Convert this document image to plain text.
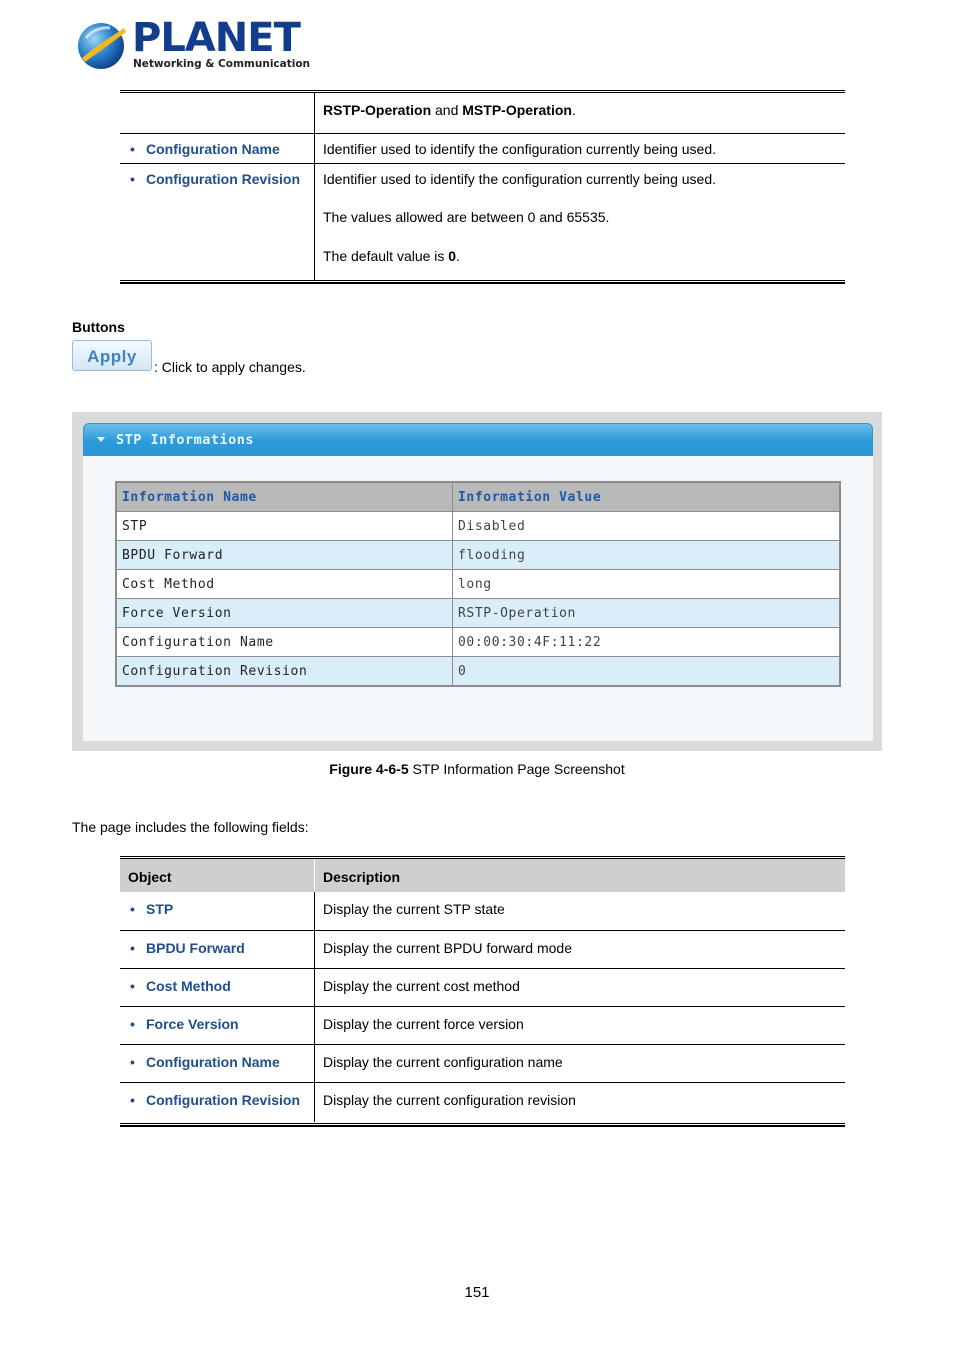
PLANET
Networking & Communication
	RSTP-Operation and MSTP-Operation.
• Configuration Name	Identifier used to identify the configuration currently being used.
• Configuration Revision	Identifier used to identify the configuration currently being used.
The values allowed are between 0 and 65535.
The default value is 0.
Buttons
Apply
: Click to apply changes.
STP Informations
Information Name	Information Value
STP	Disabled
BPDU Forward	flooding
Cost Method	long
Force Version	RSTP-Operation
Configuration Name	00:00:30:4F:11:22
Configuration Revision	0
Figure 4-6-5 STP Information Page Screenshot
The page includes the following fields:
Object	Description
• STP	Display the current STP state
• BPDU Forward	Display the current BPDU forward mode
• Cost Method	Display the current cost method
• Force Version	Display the current force version
• Configuration Name	Display the current configuration name
• Configuration Revision	Display the current configuration revision
151
